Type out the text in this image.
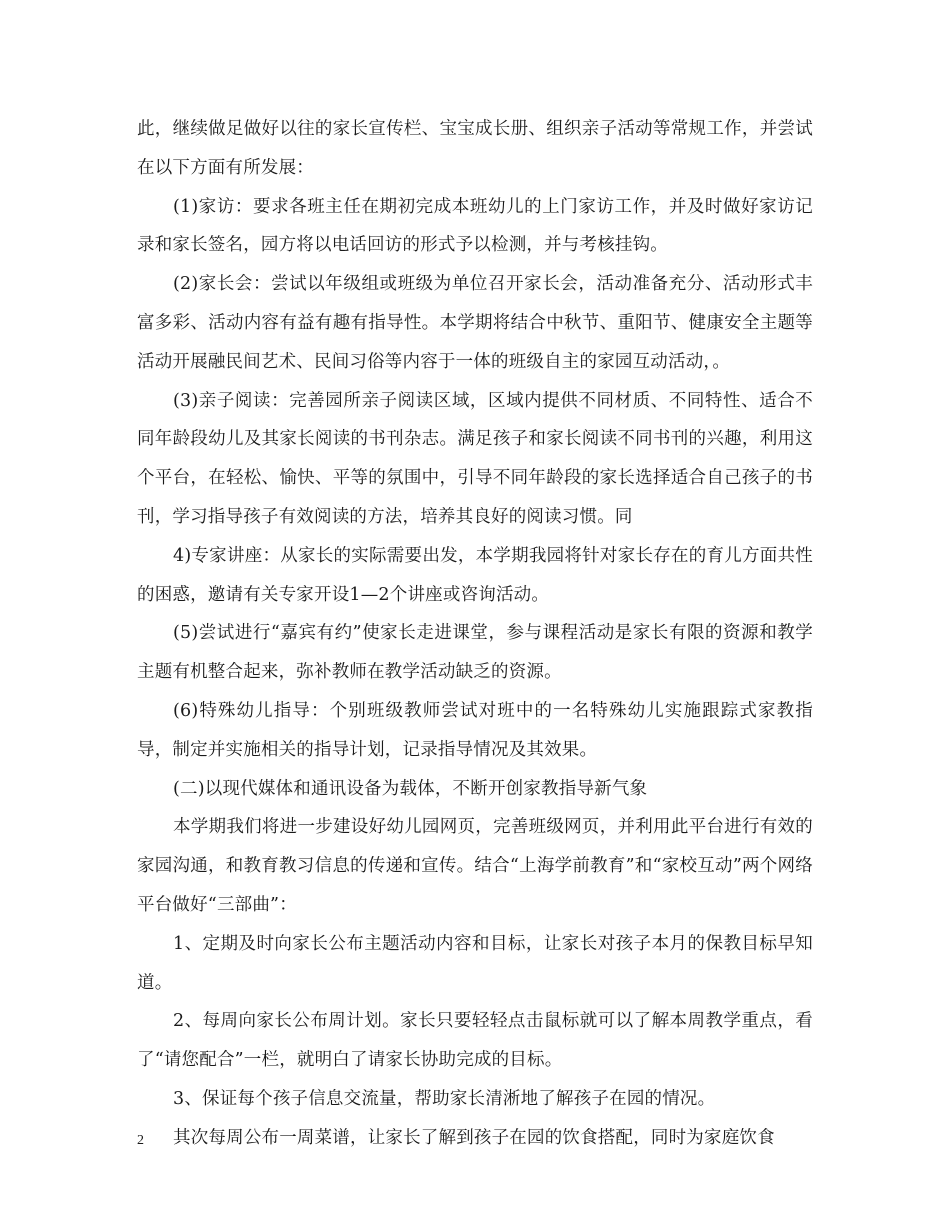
此，继续做足做好以往的家长宣传栏、宝宝成长册、组织亲子活动等常规工作，并尝试在以下方面有所发展：

(1)家访：要求各班主任在期初完成本班幼儿的上门家访工作，并及时做好家访记录和家长签名，园方将以电话回访的形式予以检测，并与考核挂钩。

(2)家长会：尝试以年级组或班级为单位召开家长会，活动准备充分、活动形式丰富多彩、活动内容有益有趣有指导性。本学期将结合中秋节、重阳节、健康安全主题等活动开展融民间艺术、民间习俗等内容于一体的班级自主的家园互动活动，。

(3)亲子阅读：完善园所亲子阅读区域，区域内提供不同材质、不同特性、适合不同年龄段幼儿及其家长阅读的书刊杂志。满足孩子和家长阅读不同书刊的兴趣，利用这个平台，在轻松、愉快、平等的氛围中，引导不同年龄段的家长选择适合自己孩子的书刊，学习指导孩子有效阅读的方法，培养其良好的阅读习惯。同

4)专家讲座：从家长的实际需要出发，本学期我园将针对家长存在的育儿方面共性的困惑，邀请有关专家开设1—2个讲座或咨询活动。

(5)尝试进行“嘉宾有约”使家长走进课堂，参与课程活动是家长有限的资源和教学主题有机整合起来，弥补教师在教学活动缺乏的资源。

(6)特殊幼儿指导：个别班级教师尝试对班中的一名特殊幼儿实施跟踪式家教指导，制定并实施相关的指导计划，记录指导情况及其效果。

(二)以现代媒体和通讯设备为载体，不断开创家教指导新气象

本学期我们将进一步建设好幼儿园网页，完善班级网页，并利用此平台进行有效的家园沟通，和教育教习信息的传递和宣传。结合“上海学前教育”和“家校互动”两个网络平台做好“三部曲”：

1、定期及时向家长公布主题活动内容和目标，让家长对孩子本月的保教目标早知道。

2、每周向家长公布周计划。家长只要轻轻点击鼠标就可以了解本周教学重点，看了“请您配合”一栏，就明白了请家长协助完成的目标。

3、保证每个孩子信息交流量，帮助家长清淅地了解孩子在园的情况。

其次每周公布一周菜谱，让家长了解到孩子在园的饮食搭配，同时为家庭饮食

2
